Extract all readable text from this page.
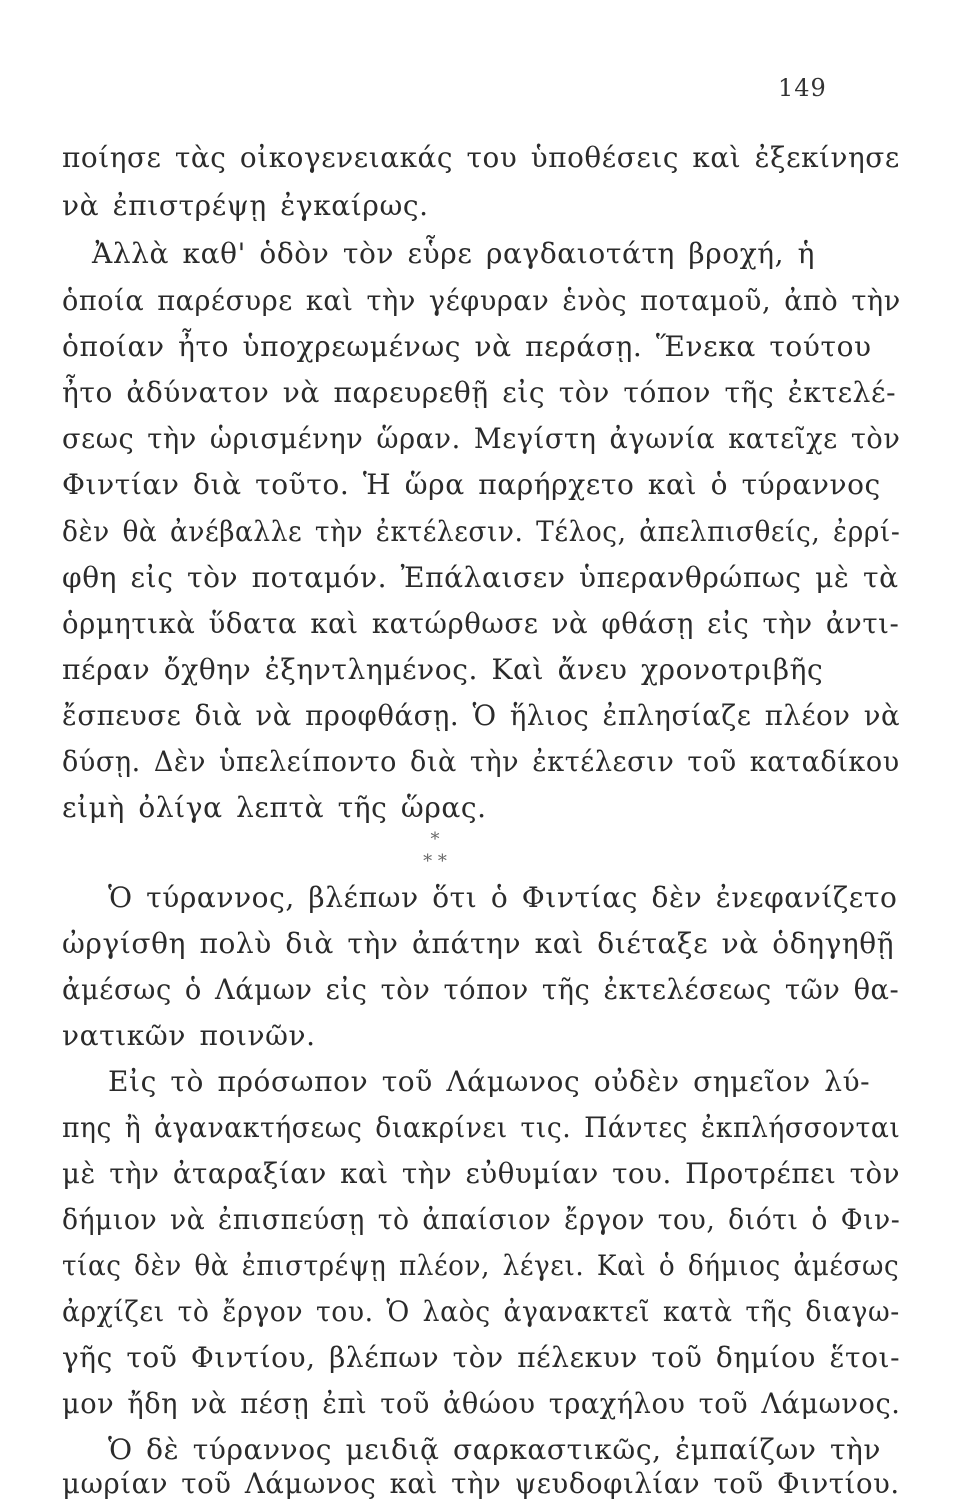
149
ποίησε τὰς οἰκογενειακάς του ὑποθέσεις καὶ ἐξεκίνησε
νὰ ἐπιστρέψῃ ἐγκαίρως.
Ἀλλὰ καθ' ὁδὸν τὸν εὗρε ραγδαιοτάτη βροχή, ἡ
ὁποία παρέσυρε καὶ τὴν γέφυραν ἑνὸς ποταμοῦ, ἀπὸ τὴν
ὁποίαν ἦτο ὑποχρεωμένως νὰ περάσῃ. Ἕνεκα τούτου
ἦτο ἀδύνατον νὰ παρευρεθῇ εἰς τὸν τόπον τῆς ἐκτελέ-
σεως τὴν ὡρισμένην ὥραν. Μεγίστη ἀγωνία κατεῖχε τὸν
Φιντίαν διὰ τοῦτο. Ἡ ὥρα παρήρχετο καὶ ὁ τύραννος
δὲν θὰ ἀνέβαλλε τὴν ἐκτέλεσιν. Τέλος, ἀπελπισθείς, ἐρρί-
φθη εἰς τὸν ποταμόν. Ἐπάλαισεν ὑπερανθρώπως μὲ τὰ
ὁρμητικὰ ὕδατα καὶ κατώρθωσε νὰ φθάσῃ εἰς τὴν ἀντι-
πέραν ὄχθην ἐξηντλημένος. Καὶ ἄνευ χρονοτριβῆς
ἔσπευσε διὰ νὰ προφθάσῃ. Ὁ ἥλιος ἐπλησίαζε πλέον νὰ
δύσῃ. Δὲν ὑπελείποντο διὰ τὴν ἐκτέλεσιν τοῦ καταδίκου
εἰμὴ ὀλίγα λεπτὰ τῆς ὥρας.
*
* *
Ὁ τύραννος, βλέπων ὅτι ὁ Φιντίας δὲν ἐνεφανίζετο
ὠργίσθη πολὺ διὰ τὴν ἀπάτην καὶ διέταξε νὰ ὁδηγηθῇ
ἀμέσως ὁ Λάμων εἰς τὸν τόπον τῆς ἐκτελέσεως τῶν θα-
νατικῶν ποινῶν.
Εἰς τὸ πρόσωπον τοῦ Λάμωνος οὐδὲν σημεῖον λύ-
πης ἢ ἀγανακτήσεως διακρίνει τις. Πάντες ἐκπλήσσονται
μὲ τὴν ἀταραξίαν καὶ τὴν εὐθυμίαν του. Προτρέπει τὸν
δήμιον νὰ ἐπισπεύσῃ τὸ ἀπαίσιον ἔργον του, διότι ὁ Φιν-
τίας δὲν θὰ ἐπιστρέψῃ πλέον, λέγει. Καὶ ὁ δήμιος ἀμέσως
ἀρχίζει τὸ ἔργον του. Ὁ λαὸς ἀγανακτεῖ κατὰ τῆς διαγω-
γῆς τοῦ Φιντίου, βλέπων τὸν πέλεκυν τοῦ δημίου ἕτοι-
μον ἤδη νὰ πέσῃ ἐπὶ τοῦ ἀθώου τραχήλου τοῦ Λάμωνος.
Ὁ δὲ τύραννος μειδιᾷ σαρκαστικῶς, ἐμπαίζων τὴν
μωρίαν τοῦ Λάμωνος καὶ τὴν ψευδοφιλίαν τοῦ Φιντίου.
